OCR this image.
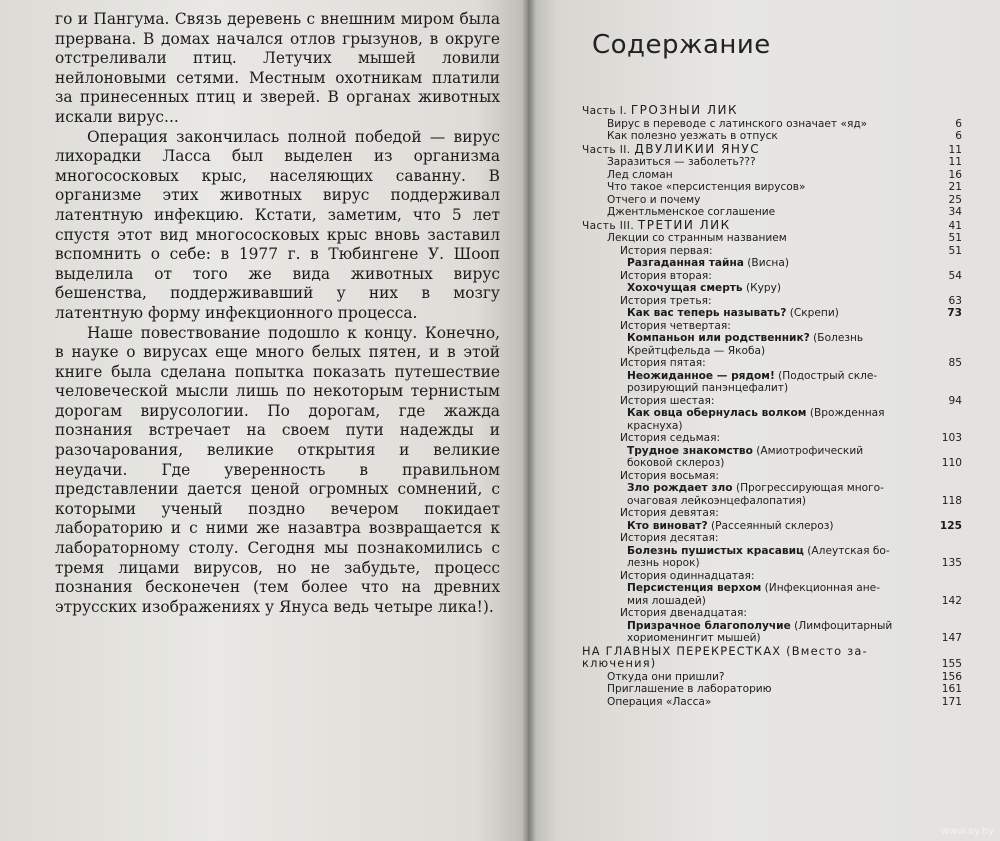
го и Пангума. Связь деревень с внешним миром была прервана. В домах начался отлов грызунов, в округе отстреливали птиц. Летучих мышей ловили нейлоновыми сетями. Местным охотникам платили за принесенных птиц и зверей. В органах животных искали вирус...

Операция закончилась полной победой — вирус лихорадки Ласса был выделен из организма многососковых крыс, населяющих саванну. В организме этих животных вирус поддерживал латентную инфекцию. Кстати, заметим, что 5 лет спустя этот вид многососковых крыс вновь заставил вспомнить о себе: в 1977 г. в Тюбингене У. Шооп выделила от того же вида животных вирус бешенства, поддерживавший у них в мозгу латентную форму инфекционного процесса.

Наше повествование подошло к концу. Конечно, в науке о вирусах еще много белых пятен, и в этой книге была сделана попытка показать путешествие человеческой мысли лишь по некоторым тернистым дорогам вирусологии. По дорогам, где жажда познания встречает на своем пути надежды и разочарования, великие открытия и великие неудачи. Где уверенность в правильном представлении дается ценой огромных сомнений, с которыми ученый поздно вечером покидает лабораторию и с ними же назавтра возвращается к лабораторному столу. Сегодня мы познакомились с тремя лицами вирусов, но не забудьте, процесс познания бесконечен (тем более что на древних этрусских изображениях у Януса ведь четыре лика!).

Содержание
Часть I. ГРОЗНЫЙ ЛИК
Вирус в переводе с латинского означает «яд»	6
Как полезно уезжать в отпуск	6
Часть II. ДВУЛИКИЙ ЯНУС	11
Заразиться — заболеть???	11
Лед сломан	16
Что такое «персистенция вирусов»	21
Отчего и почему	25
Джентльменское соглашение	34
Часть III. ТРЕТИЙ ЛИК	41
Лекции со странным названием	51
История первая:	51
Разгаданная тайна (Висна)
История вторая:	54
Хохочущая смерть (Куру)
История третья:	63
Как вас теперь называть? (Скрепи)	73
История четвертая:
Компаньон или родственник? (Болезнь
Крейтцфельда — Якоба)
История пятая:	85
Неожиданное — рядом! (Подострый скле-
розирующий панэнцефалит)
История шестая:	94
Как овца обернулась волком (Врожденная
краснуха)
История седьмая:	103
Трудное знакомство (Амиотрофический
боковой склероз)	110
История восьмая:
Зло рождает зло (Прогрессирующая много-
очаговая лейкоэнцефалопатия)	118
История девятая:
Кто виноват? (Рассеянный склероз)	125
История десятая:
Болезнь пушистых красавиц (Алеутская бо-
лезнь норок)	135
История одиннадцатая:
Персистенция верхом (Инфекционная ане-
мия лошадей)	142
История двенадцатая:
Призрачное благополучие (Лимфоцитарный
хориоменингит мышей)	147
НА ГЛАВНЫХ ПЕРЕКРЕСТКАХ (Вместо за-
ключения)	155
Откуда они пришли?	156
Приглашение в лабораторию	161
Операция «Ласса»	171
www.ay.by
